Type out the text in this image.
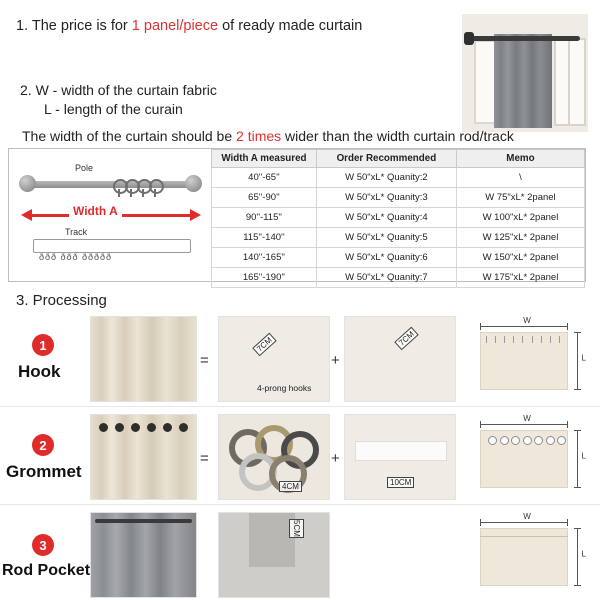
1. The price is for 1 panel/piece of ready made curtain
2. W - width of the curtain fabric
L - length of the curain
The width of the curtain should be 2 times wider than the width curtain rod/track
Pole
Width A
Track
ððð ððð ððððð
Width A measured	Order Recommended	Memo
40''-65''	W 50"xL* Quanity:2	\
65''-90''	W 50"xL* Quanity:3	W 75"xL* 2panel
90''-115''	W 50"xL* Quanity:4	W 100"xL* 2panel
115''-140''	W 50"xL* Quanity:5	W 125"xL* 2panel
140''-165''	W 50"xL* Quanity:6	W 150"xL* 2panel
165''-190''	W 50"xL* Quanity:7	W 175"xL* 2panel
3. Processing
1
Hook
=
7CM
4-prong hooks
+
7CM
W
L
2
Grommet
=
4CM
+
10CM
W
L
3
Rod Pocket
5CM
W
L
